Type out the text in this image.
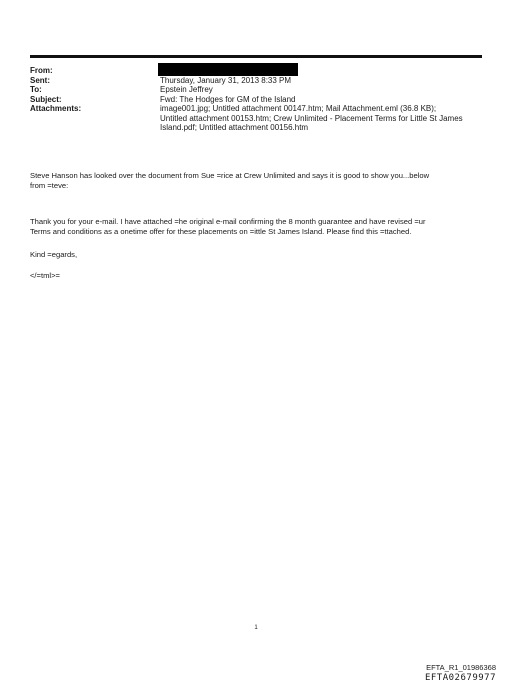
From:
Sent:	Thursday, January 31, 2013 8:33 PM
To:	Epstein Jeffrey
Subject:	Fwd: The Hodges for GM of the Island
Attachments:	image001.jpg; Untitled attachment 00147.htm; Mail Attachment.eml (36.8 KB);
Untitled attachment 00153.htm; Crew Unlimited - Placement Terms for Little St James
Island.pdf; Untitled attachment 00156.htm
Steve Hanson has looked over the document from Sue =rice at Crew Unlimited and says it is good to show you...below
from =teve:
Thank you for your e-mail. I have attached =he original e-mail confirming the 8 month guarantee and have revised =ur
Terms and conditions as a onetime offer for these placements on =ittle St James Island. Please find this =ttached.
Kind =egards,
</=tml>=
1
EFTA_R1_01986368
EFTA02679977
